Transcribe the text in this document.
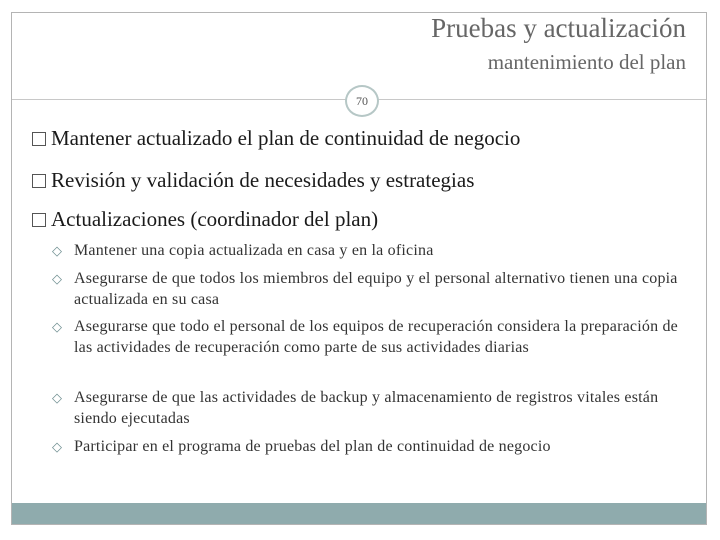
Pruebas y actualización
mantenimiento del plan
70
Mantener actualizado el plan de continuidad de negocio
Revisión y validación de necesidades y estrategias
Actualizaciones (coordinador del plan)
◇ Mantener una copia actualizada en casa y en la oficina
◇ Asegurarse de que todos los miembros del equipo y el personal alternativo tienen una copia actualizada en su casa
◇ Asegurarse que todo el personal de los equipos de recuperación considera la preparación de las actividades de recuperación como parte de sus actividades diarias
◇ Asegurarse de que las actividades de backup y almacenamiento de registros vitales están siendo ejecutadas
◇ Participar en el programa de pruebas del plan de continuidad de negocio
